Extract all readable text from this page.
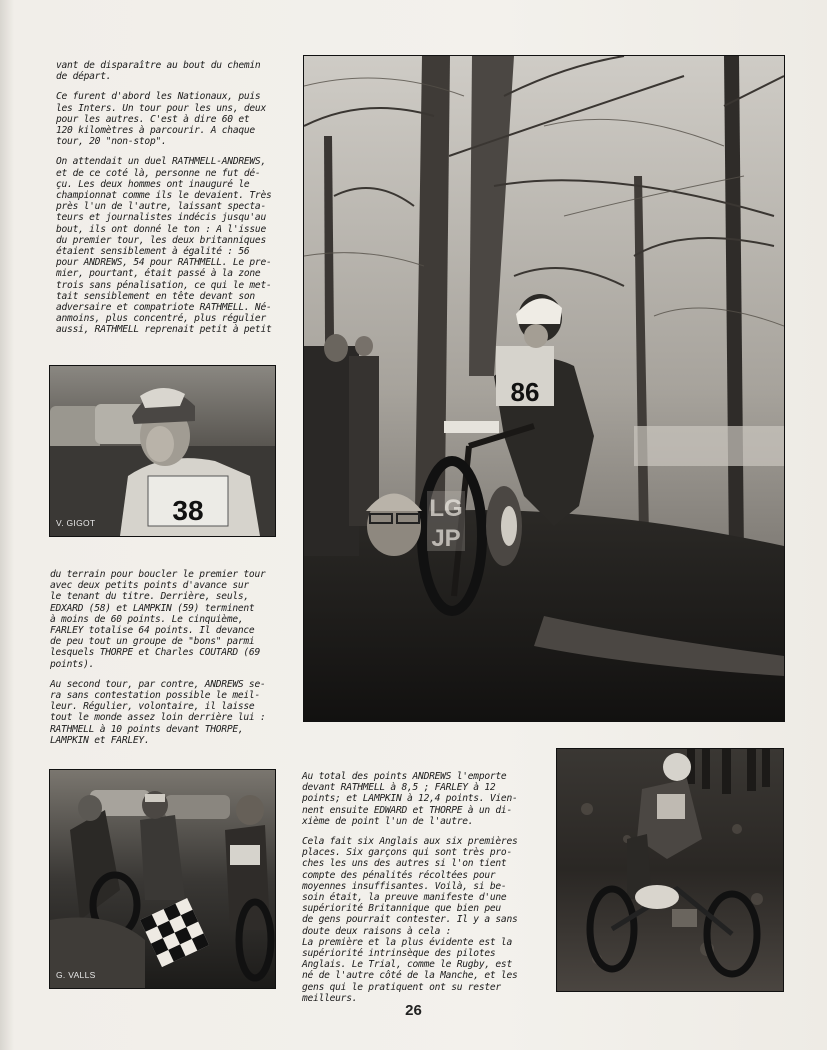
vant de disparaître au bout du chemin
de départ.

Ce furent d'abord les Nationaux, puis
les Inters. Un tour pour les uns, deux
pour les autres. C'est à dire 60 et
120 kilomètres à parcourir. A chaque
tour, 20 "non-stop".

On attendait un duel RATHMELL-ANDREWS,
et de ce coté là, personne ne fut dé-
çu. Les deux hommes ont inauguré le
championnat comme ils le devaient. Très
près l'un de l'autre, laissant specta-
teurs et journalistes indécis jusqu'au
bout, ils ont donné le ton : A l'issue
du premier tour, les deux britanniques
étaient sensiblement à égalité : 56
pour ANDREWS, 54 pour RATHMELL. Le pre-
mier, pourtant, était passé à la zone
trois sans pénalisation, ce qui le met-
tait sensiblement en tête devant son
adversaire et compatriote RATHMELL. Né-
anmoins, plus concentré, plus régulier
aussi, RATHMELL reprenait petit à petit

38
V. GIGOT

du terrain pour boucler le premier tour
avec deux petits points d'avance sur
le tenant du titre. Derrière, seuls,
EDXARD (58) et LAMPKIN (59) terminent
à moins de 60 points. Le cinquième,
FARLEY totalise 64 points. Il devance
de peu tout un groupe de "bons" parmi
lesquels THORPE et Charles COUTARD (69
points).

Au second tour, par contre, ANDREWS se-
ra sans contestation possible le meil-
leur. Régulier, volontaire, il laisse
tout le monde assez loin derrière lui :
RATHMELL à 10 points devant THORPE,
LAMPKIN et FARLEY.

86
LG
JP
G. VALLS

Au total des points ANDREWS l'emporte
devant RATHMELL à 8,5 ; FARLEY à 12
points; et LAMPKIN à 12,4 points. Vien-
nent ensuite EDWARD et THORPE à un di-
xième de point l'un de l'autre.

Cela fait six Anglais aux six premières
places. Six garçons qui sont très pro-
ches les uns des autres si l'on tient
compte des pénalités récoltées pour
moyennes insuffisantes. Voilà, si be-
soin était, la preuve manifeste d'une
supériorité Britannique que bien peu
de gens pourrait contester. Il y a sans
doute deux raisons à cela :
La première et la plus évidente est la
supériorité intrinsèque des pilotes
Anglais. Le Trial, comme le Rugby, est
né de l'autre côté de la Manche, et les
gens qui le pratiquent ont su rester
meilleurs.

26
